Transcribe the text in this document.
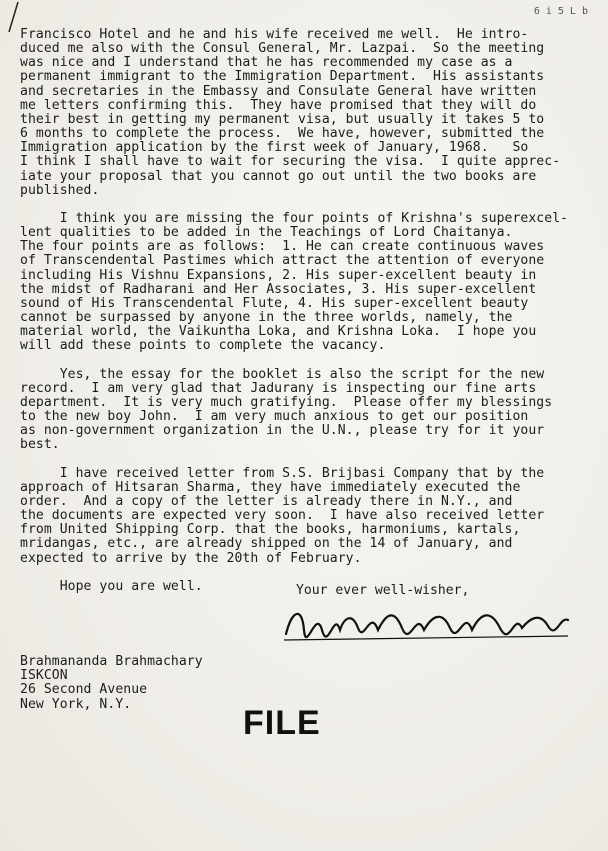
6 i 5 L b
Francisco Hotel and he and his wife received me well.  He intro-
duced me also with the Consul General, Mr. Lazpai.  So the meeting
was nice and I understand that he has recommended my case as a
permanent immigrant to the Immigration Department.  His assistants
and secretaries in the Embassy and Consulate General have written
me letters confirming this.  They have promised that they will do
their best in getting my permanent visa, but usually it takes 5 to
6 months to complete the process.  We have, however, submitted the
Immigration application by the first week of January, 1968.   So
I think I shall have to wait for securing the visa.  I quite apprec-
iate your proposal that you cannot go out until the two books are
published.
I think you are missing the four points of Krishna's superexcel-
lent qualities to be added in the Teachings of Lord Chaitanya.
The four points are as follows:  1. He can create continuous waves
of Transcendental Pastimes which attract the attention of everyone
including His Vishnu Expansions, 2. His super-excellent beauty in
the midst of Radharani and Her Associates, 3. His super-excellent
sound of His Transcendental Flute, 4. His super-excellent beauty
cannot be surpassed by anyone in the three worlds, namely, the
material world, the Vaikuntha Loka, and Krishna Loka.  I hope you
will add these points to complete the vacancy.
Yes, the essay for the booklet is also the script for the new
record.  I am very glad that Jadurany is inspecting our fine arts
department.  It is very much gratifying.  Please offer my blessings
to the new boy John.  I am very much anxious to get our position
as non-government organization in the U.N., please try for it your
best.
I have received letter from S.S. Brijbasi Company that by the
approach of Hitsaran Sharma, they have immediately executed the
order.  And a copy of the letter is already there in N.Y., and
the documents are expected very soon.  I have also received letter
from United Shipping Corp. that the books, harmoniums, kartals,
mridangas, etc., are already shipped on the 14 of January, and
expected to arrive by the 20th of February.
Hope you are well.	Your ever well-wisher,
Brahmananda Brahmachary
ISKCON
26 Second Avenue
New York, N.Y.	FILE
